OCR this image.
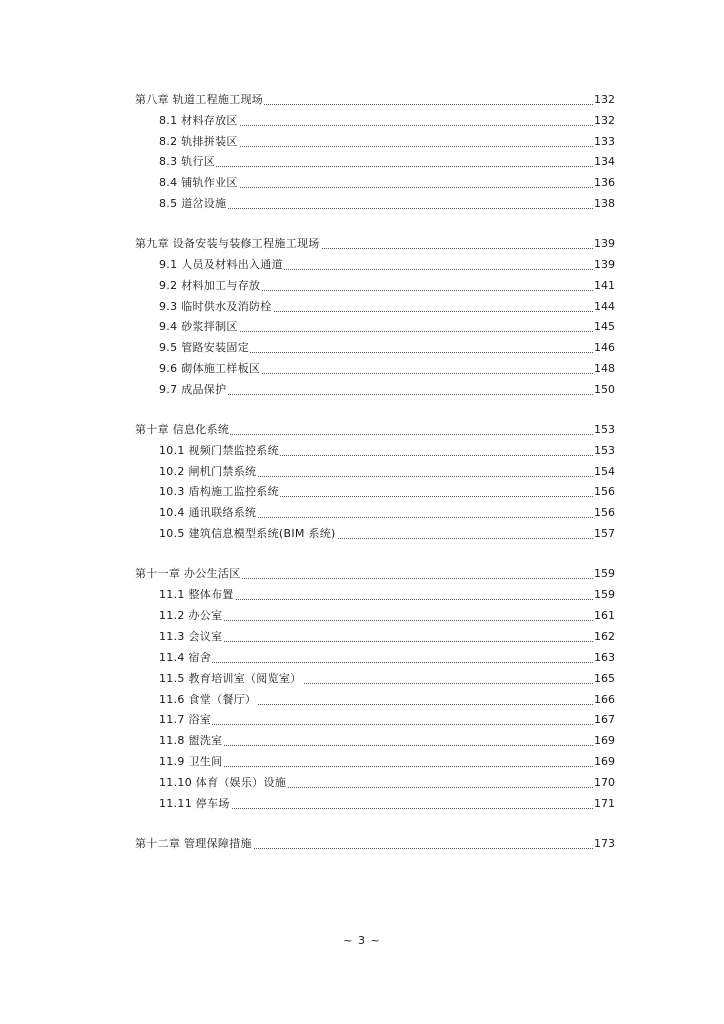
第八章 轨道工程施工现场	132
8.1 材料存放区	132
8.2 轨排拼装区	133
8.3 轨行区	134
8.4 铺轨作业区	136
8.5 道岔设施	138
第九章 设备安装与装修工程施工现场	139
9.1 人员及材料出入通道	139
9.2 材料加工与存放	141
9.3 临时供水及消防栓	144
9.4 砂浆拌制区	145
9.5 管路安装固定	146
9.6 砌体施工样板区	148
9.7 成品保护	150
第十章 信息化系统	153
10.1 视频门禁监控系统	153
10.2 闸机门禁系统	154
10.3 盾构施工监控系统	156
10.4 通讯联络系统	156
10.5 建筑信息模型系统(BIM 系统)	157
第十一章 办公生活区	159
11.1 整体布置	159
11.2 办公室	161
11.3 会议室	162
11.4 宿舍	163
11.5 教育培训室（阅览室）	165
11.6 食堂（餐厅）	166
11.7 浴室	167
11.8 盥洗室	169
11.9 卫生间	169
11.10 体育（娱乐）设施	170
11.11 停车场	171
第十二章 管理保障措施	173
~ 3 ~
